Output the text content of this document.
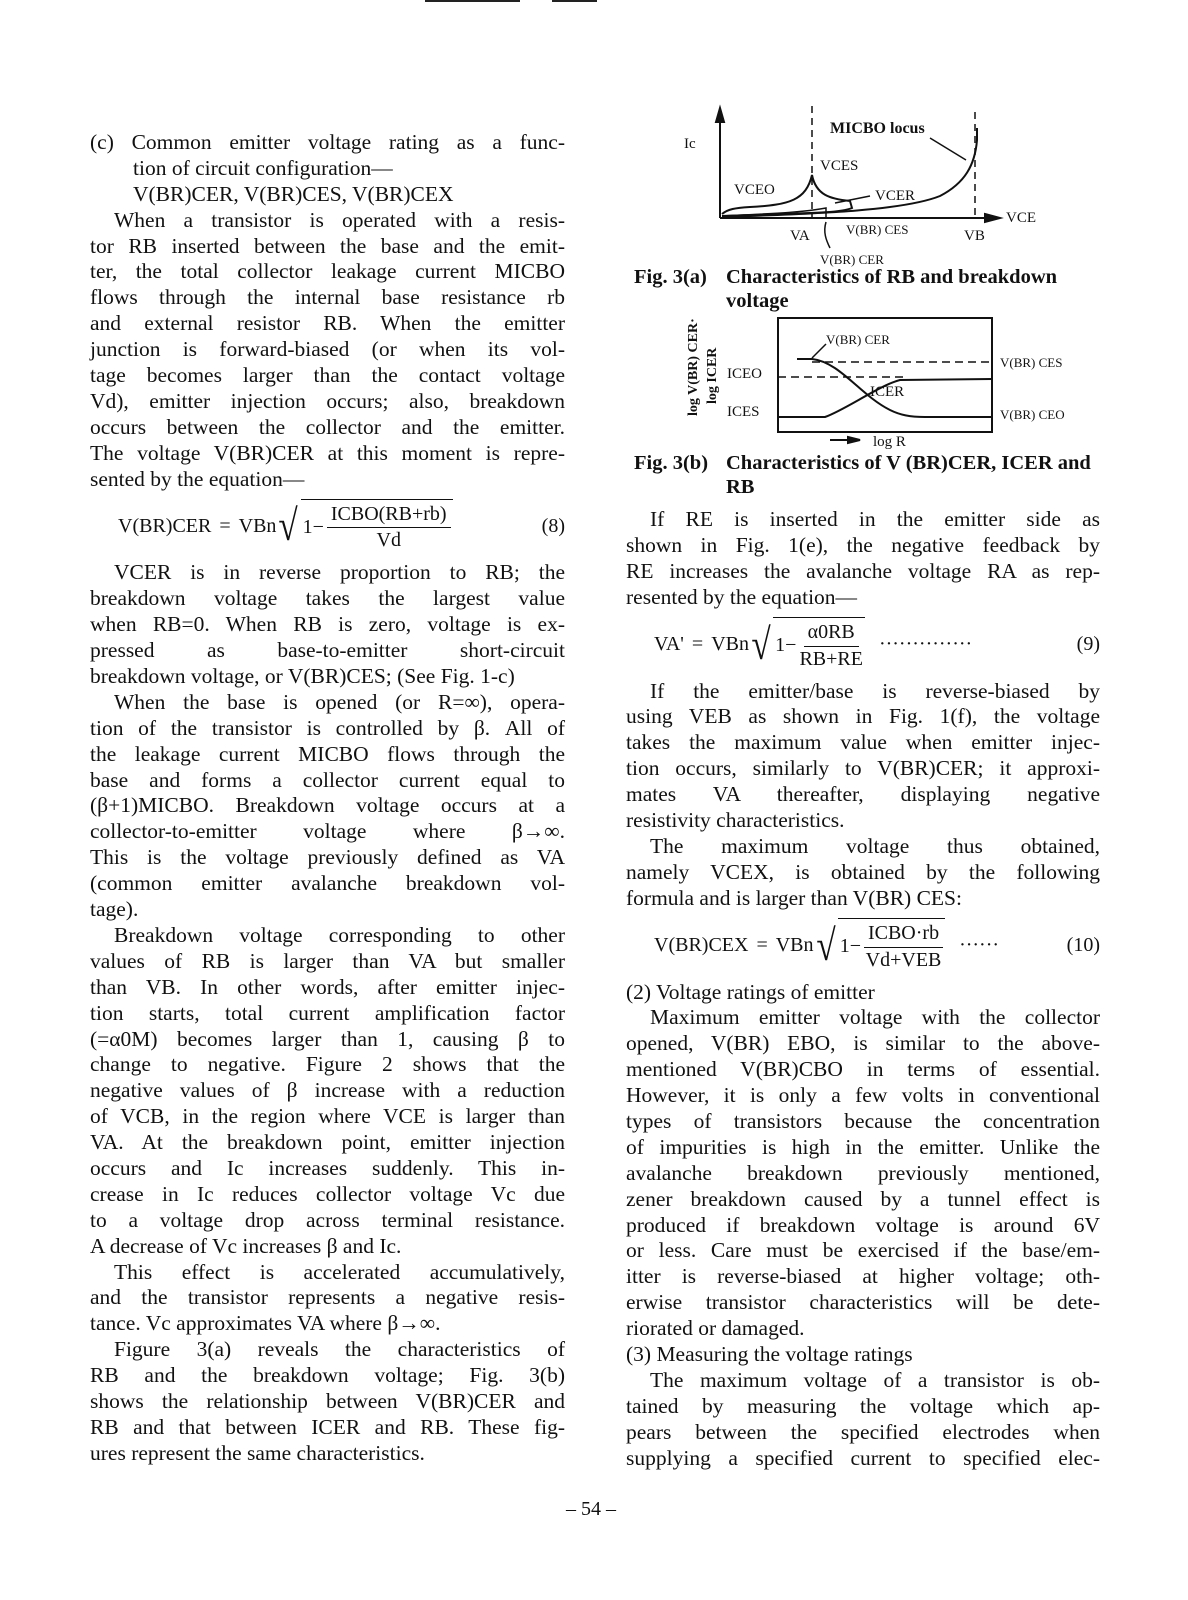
(c) Common emitter voltage rating as a func-
tion of circuit configuration—
V(BR)CER, V(BR)CES, V(BR)CEX
When a transistor is operated with a resis-
tor RB inserted between the base and the emit-
ter, the total collector leakage current MICBO
flows through the internal base resistance rb
and external resistor RB. When the emitter
junction is forward-biased (or when its vol-
tage becomes larger than the contact voltage
Vd), emitter injection occurs; also, breakdown
occurs between the collector and the emitter.
The voltage V(BR)CER at this moment is repre-
sented by the equation—
V(BR)CER = VBn √ $1- \frac{\text{ICBO(RB+rb)}}{Vd}$	(8)
VCER is in reverse proportion to RB; the
breakdown voltage takes the largest value
when RB=0. When RB is zero, voltage is ex-
pressed as base-to-emitter short-circuit
breakdown voltage, or V(BR)CES; (See Fig. 1-c)
When the base is opened (or R=∞), opera-
tion of the transistor is controlled by β. All of
the leakage current MICBO flows through the
base and forms a collector current equal to
(β+1)MICBO. Breakdown voltage occurs at a
collector-to-emitter voltage where β→∞.
This is the voltage previously defined as VA
(common emitter avalanche breakdown vol-
tage).
Breakdown voltage corresponding to other
values of RB is larger than VA but smaller
than VB. In other words, after emitter injec-
tion starts, total current amplification factor
(=α0M) becomes larger than 1, causing β to
change to negative. Figure 2 shows that the
negative values of β increase with a reduction
of VCB, in the region where VCE is larger than
VA. At the breakdown point, emitter injection
occurs and Ic increases suddenly. This in-
crease in Ic reduces collector voltage Vc due
to a voltage drop across terminal resistance.
A decrease of Vc increases β and Ic.
This effect is accelerated accumulatively,
and the transistor represents a negative resis-
tance. Vc approximates VA where β→∞.
Figure 3(a) reveals the characteristics of
RB and the breakdown voltage; Fig. 3(b)
shows the relationship between V(BR)CER and
RB and that between ICER and RB. These fig-
ures represent the same characteristics.
If RE is inserted in the emitter side as
shown in Fig. 1(e), the negative feedback by
RE increases the avalanche voltage RA as rep-
resented by the equation—
VA' = VBn √ $1- \frac{\alpha 0RB}{RB+RE}$ ··············	(9)
If the emitter/base is reverse-biased by
using VEB as shown in Fig. 1(f), the voltage
takes the maximum value when emitter injec-
tion occurs, similarly to V(BR)CER; it approxi-
mates VA thereafter, displaying negative
resistivity characteristics.
The maximum voltage thus obtained,
namely VCEX, is obtained by the following
formula and is larger than V(BR) CES:
V(BR)CEX = VBn √ $1- \frac{\text{ICBO·rb}}{\text{Vd+VEB}}$ ······	(10)
(2) Voltage ratings of emitter
Maximum emitter voltage with the collector
opened, V(BR) EBO, is similar to the above-
mentioned V(BR)CBO in terms of essential.
However, it is only a few volts in conventional
types of transistors because the concentration
of impurities is high in the emitter. Unlike the
avalanche breakdown previously mentioned,
zener breakdown caused by a tunnel effect is
produced if breakdown voltage is around 6V
or less. Care must be exercised if the base/em-
itter is reverse-biased at higher voltage; oth-
erwise transistor characteristics will be dete-
riorated or damaged.
(3) Measuring the voltage ratings
The maximum voltage of a transistor is ob-
tained by measuring the voltage which ap-
pears between the specified electrodes when
supplying a specified current to specified elec-
Ic
MICBO locus
VCES
VCEO	VCER
VCE
VA	V(BR) CES	VB
V(BR) CER
ICEO
ICES
V(BR) CER
ICER
V(BR) CES
V(BR) CEO
log R
log V(BR) CER· log ICER
Fig. 3(a) Characteristics of RB and breakdown
voltage
Fig. 3(b) Characteristics of V (BR)CER, ICER and
RB
– 54 –
